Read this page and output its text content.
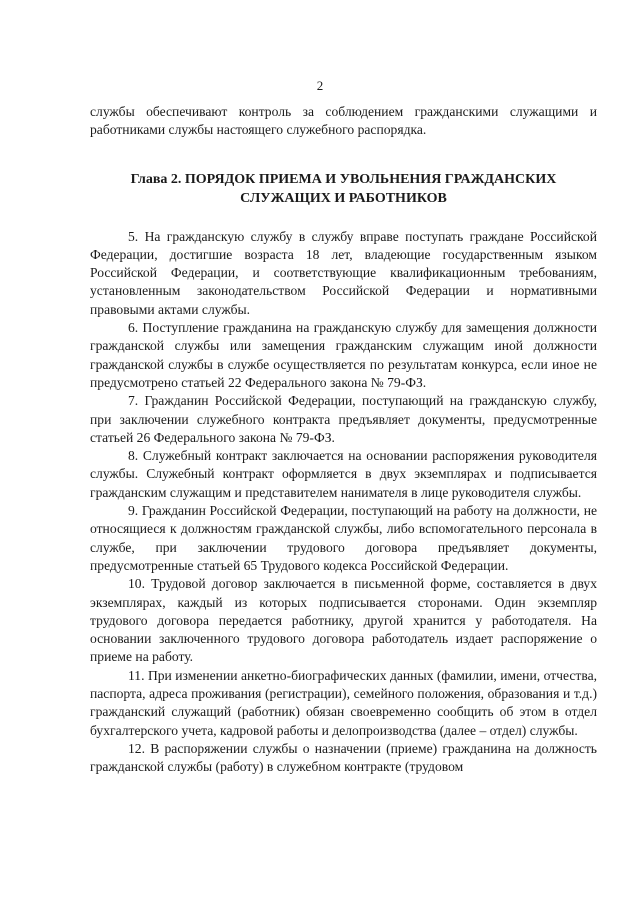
2

службы обеспечивают контроль за соблюдением гражданскими служащими и работниками службы настоящего служебного распорядка.

Глава 2. ПОРЯДОК ПРИЕМА И УВОЛЬНЕНИЯ ГРАЖДАНСКИХ СЛУЖАЩИХ И РАБОТНИКОВ

5. На гражданскую службу в службу вправе поступать граждане Российской Федерации, достигшие возраста 18 лет, владеющие государственным языком Российской Федерации, и соответствующие квалификационным требованиям, установленным законодательством Российской Федерации и нормативными правовыми актами службы.

6. Поступление гражданина на гражданскую службу для замещения должности гражданской службы или замещения гражданским служащим иной должности гражданской службы в службе осуществляется по результатам конкурса, если иное не предусмотрено статьей 22 Федерального закона № 79-ФЗ.

7. Гражданин Российской Федерации, поступающий на гражданскую службу, при заключении служебного контракта предъявляет документы, предусмотренные статьей 26 Федерального закона № 79-ФЗ.

8. Служебный контракт заключается на основании распоряжения руководителя службы. Служебный контракт оформляется в двух экземплярах и подписывается гражданским служащим и представителем нанимателя в лице руководителя службы.

9. Гражданин Российской Федерации, поступающий на работу на должности, не относящиеся к должностям гражданской службы, либо вспомогательного персонала в службе, при заключении трудового договора предъявляет документы, предусмотренные статьей 65 Трудового кодекса Российской Федерации.

10. Трудовой договор заключается в письменной форме, составляется в двух экземплярах, каждый из которых подписывается сторонами. Один экземпляр трудового договора передается работнику, другой хранится у работодателя. На основании заключенного трудового договора работодатель издает распоряжение о приеме на работу.

11. При изменении анкетно-биографических данных (фамилии, имени, отчества, паспорта, адреса проживания (регистрации), семейного положения, образования и т.д.) гражданский служащий (работник) обязан своевременно сообщить об этом в отдел бухгалтерского учета, кадровой работы и делопроизводства (далее – отдел) службы.

12. В распоряжении службы о назначении (приеме) гражданина на должность гражданской службы (работу) в служебном контракте (трудовом
